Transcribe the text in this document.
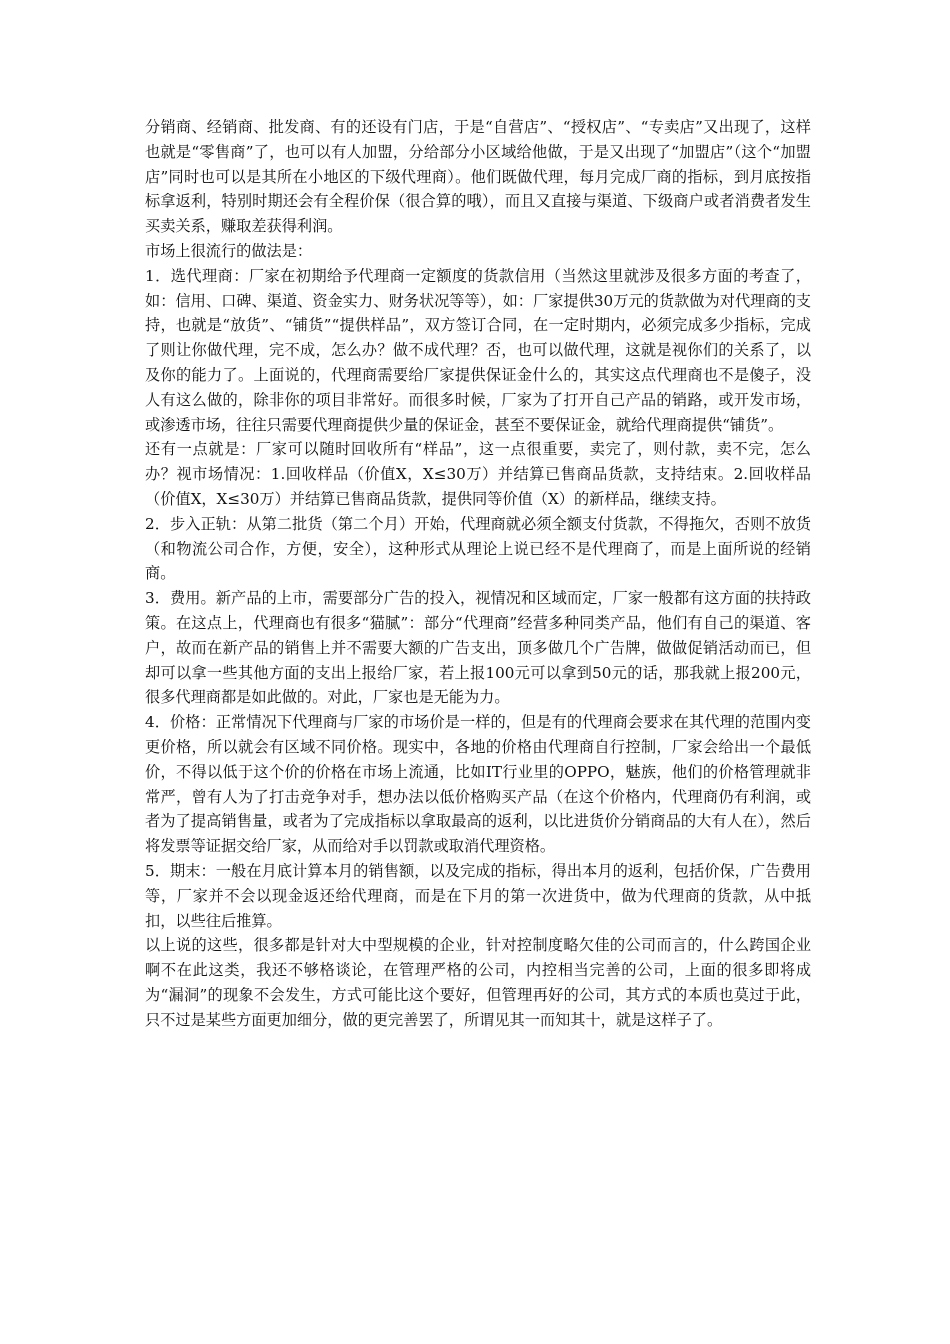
分销商、经销商、批发商、有的还设有门店，于是“自营店”、“授权店”、“专卖店”又出现了，这样也就是“零售商”了，也可以有人加盟，分给部分小区域给他做，于是又出现了“加盟店”（这个“加盟店”同时也可以是其所在小地区的下级代理商）。他们既做代理，每月完成厂商的指标，到月底按指标拿返利，特别时期还会有全程价保（很合算的哦），而且又直接与渠道、下级商户或者消费者发生买卖关系，赚取差获得利润。

市场上很流行的做法是：

1．选代理商：厂家在初期给予代理商一定额度的货款信用（当然这里就涉及很多方面的考查了，如：信用、口碑、渠道、资金实力、财务状况等等），如：厂家提供30万元的货款做为对代理商的支持，也就是“放货”、“铺货”“提供样品”，双方签订合同，在一定时期内，必须完成多少指标，完成了则让你做代理，完不成，怎么办？做不成代理？否，也可以做代理，这就是视你们的关系了，以及你的能力了。上面说的，代理商需要给厂家提供保证金什么的，其实这点代理商也不是傻子，没人有这么做的，除非你的项目非常好。而很多时候，厂家为了打开自己产品的销路，或开发市场，或渗透市场，往往只需要代理商提供少量的保证金，甚至不要保证金，就给代理商提供“铺货”。

还有一点就是：厂家可以随时回收所有“样品”，这一点很重要，卖完了，则付款，卖不完，怎么办？视市场情况：1.回收样品（价值X，X≤30万）并结算已售商品货款，支持结束。2.回收样品（价值X，X≤30万）并结算已售商品货款，提供同等价值（X）的新样品，继续支持。

2．步入正轨：从第二批货（第二个月）开始，代理商就必须全额支付货款，不得拖欠，否则不放货（和物流公司合作，方便，安全），这种形式从理论上说已经不是代理商了，而是上面所说的经销商。

3．费用。新产品的上市，需要部分广告的投入，视情况和区域而定，厂家一般都有这方面的扶持政策。在这点上，代理商也有很多“猫腻”：部分“代理商”经营多种同类产品，他们有自己的渠道、客户，故而在新产品的销售上并不需要大额的广告支出，顶多做几个广告牌，做做促销活动而已，但却可以拿一些其他方面的支出上报给厂家，若上报100元可以拿到50元的话，那我就上报200元，很多代理商都是如此做的。对此，厂家也是无能为力。

4．价格：正常情况下代理商与厂家的市场价是一样的，但是有的代理商会要求在其代理的范围内变更价格，所以就会有区域不同价格。现实中，各地的价格由代理商自行控制，厂家会给出一个最低价，不得以低于这个价的价格在市场上流通，比如IT行业里的OPPO，魅族，他们的价格管理就非常严，曾有人为了打击竞争对手，想办法以低价格购买产品（在这个价格内，代理商仍有利润，或者为了提高销售量，或者为了完成指标以拿取最高的返利，以比进货价分销商品的大有人在），然后将发票等证据交给厂家，从而给对手以罚款或取消代理资格。

5．期末：一般在月底计算本月的销售额，以及完成的指标，得出本月的返利，包括价保，广告费用等，厂家并不会以现金返还给代理商，而是在下月的第一次进货中，做为代理商的货款，从中抵扣，以些往后推算。

以上说的这些，很多都是针对大中型规模的企业，针对控制度略欠佳的公司而言的，什么跨国企业啊不在此这类，我还不够格谈论，在管理严格的公司，内控相当完善的公司，上面的很多即将成为“漏洞”的现象不会发生，方式可能比这个要好，但管理再好的公司，其方式的本质也莫过于此，只不过是某些方面更加细分，做的更完善罢了，所谓见其一而知其十，就是这样子了。
